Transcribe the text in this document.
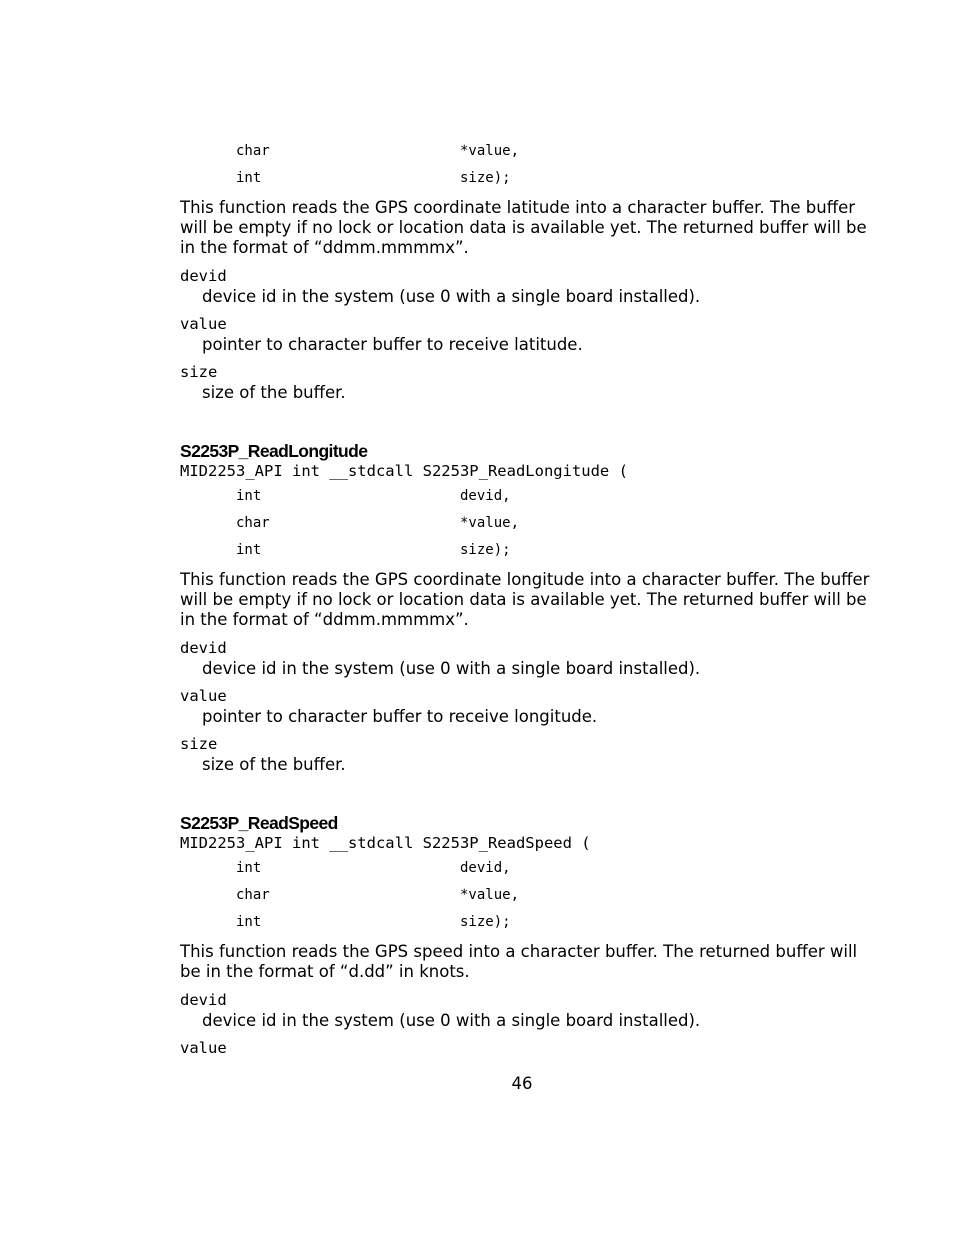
char	*value,
int	size);
This function reads the GPS coordinate latitude into a character buffer. The buffer will be empty if no lock or location data is available yet. The returned buffer will be in the format of “ddmm.mmmmx”.
devid
device id in the system (use 0 with a single board installed).
value
pointer to character buffer to receive latitude.
size
size of the buffer.
S2253P_ReadLongitude
MID2253_API int __stdcall S2253P_ReadLongitude (
int	devid,
char	*value,
int	size);
This function reads the GPS coordinate longitude into a character buffer. The buffer will be empty if no lock or location data is available yet. The returned buffer will be in the format of “ddmm.mmmmx”.
devid
device id in the system (use 0 with a single board installed).
value
pointer to character buffer to receive longitude.
size
size of the buffer.
S2253P_ReadSpeed
MID2253_API int __stdcall S2253P_ReadSpeed (
int	devid,
char	*value,
int	size);
This function reads the GPS speed into a character buffer. The returned buffer will be in the format of “d.dd” in knots.
devid
device id in the system (use 0 with a single board installed).
value
46
